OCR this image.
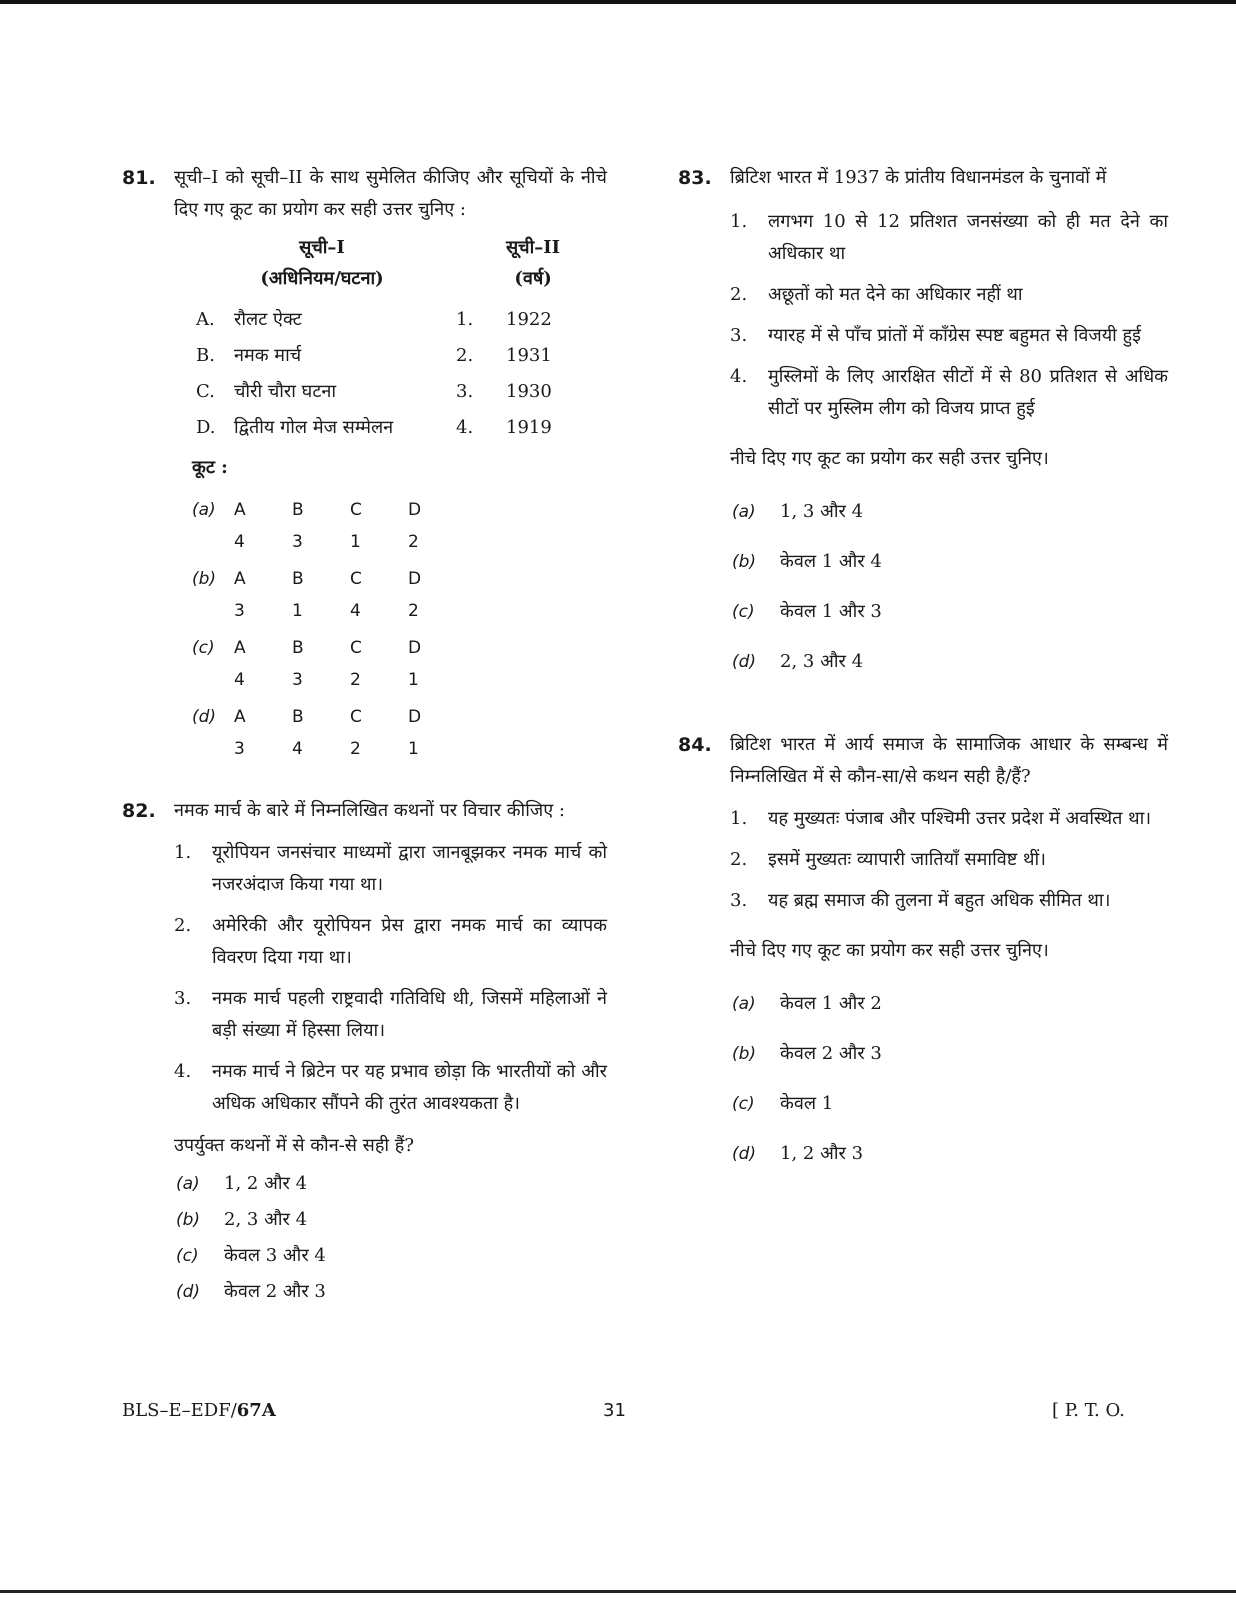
81. सूची–I को सूची–II के साथ सुमेलित कीजिए और सूचियों के नीचे दिए गए कूट का प्रयोग कर सही उत्तर चुनिए :
सूची–I			सूची–II
(अधिनियम/घटना)			(वर्ष)
A.	रौलट ऐक्ट	1.	1922
B.	नमक मार्च	2.	1931
C.	चौरी चौरा घटना	3.	1930
D.	द्वितीय गोल मेज सम्मेलन	4.	1919
कूट :
(a)	A	B	C	D
	4	3	1	2

(b)	A	B	C	D
	3	1	4	2

(c)	A	B	C	D
	4	3	2	1

(d)	A	B	C	D
	3	4	2	1
82. नमक मार्च के बारे में निम्नलिखित कथनों पर विचार कीजिए :
1. यूरोपियन जनसंचार माध्यमों द्वारा जानबूझकर नमक मार्च को नजरअंदाज किया गया था।
2. अमेरिकी और यूरोपियन प्रेस द्वारा नमक मार्च का व्यापक विवरण दिया गया था।
3. नमक मार्च पहली राष्ट्रवादी गतिविधि थी, जिसमें महिलाओं ने बड़ी संख्या में हिस्सा लिया।
4. नमक मार्च ने ब्रिटेन पर यह प्रभाव छोड़ा कि भारतीयों को और अधिक अधिकार सौंपने की तुरंत आवश्यकता है।
उपर्युक्त कथनों में से कौन-से सही हैं?
(a) 1, 2 और 4
(b) 2, 3 और 4
(c) केवल 3 और 4
(d) केवल 2 और 3
83. ब्रिटिश भारत में 1937 के प्रांतीय विधानमंडल के चुनावों में
1. लगभग 10 से 12 प्रतिशत जनसंख्या को ही मत देने का अधिकार था
2. अछूतों को मत देने का अधिकार नहीं था
3. ग्यारह में से पाँच प्रांतों में काँग्रेस स्पष्ट बहुमत से विजयी हुई
4. मुस्लिमों के लिए आरक्षित सीटों में से 80 प्रतिशत से अधिक सीटों पर मुस्लिम लीग को विजय प्राप्त हुई
नीचे दिए गए कूट का प्रयोग कर सही उत्तर चुनिए।
(a) 1, 3 और 4
(b) केवल 1 और 4
(c) केवल 1 और 3
(d) 2, 3 और 4
84. ब्रिटिश भारत में आर्य समाज के सामाजिक आधार के सम्बन्ध में निम्नलिखित में से कौन-सा/से कथन सही है/हैं?
1. यह मुख्यतः पंजाब और पश्चिमी उत्तर प्रदेश में अवस्थित था।
2. इसमें मुख्यतः व्यापारी जातियाँ समाविष्ट थीं।
3. यह ब्रह्म समाज की तुलना में बहुत अधिक सीमित था।
नीचे दिए गए कूट का प्रयोग कर सही उत्तर चुनिए।
(a) केवल 1 और 2
(b) केवल 2 और 3
(c) केवल 1
(d) 1, 2 और 3
BLS–E–EDF/67A	31	[ P. T. O.
